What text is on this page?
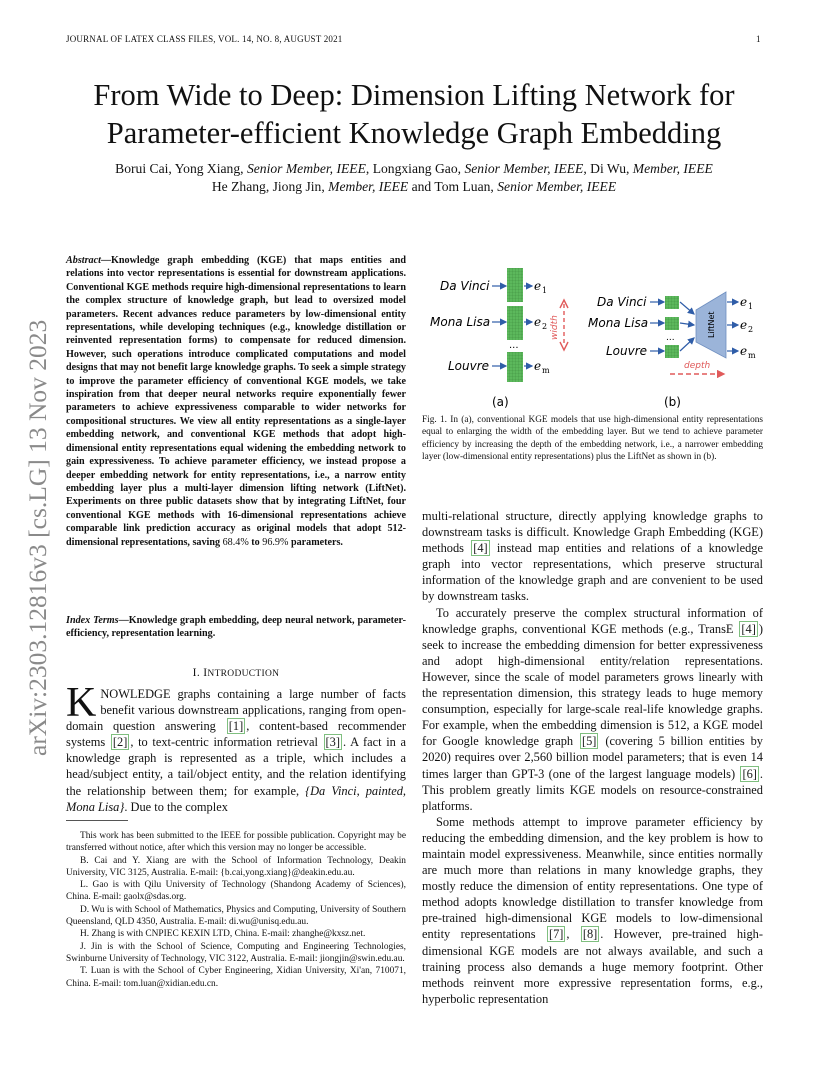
JOURNAL OF LATEX CLASS FILES, VOL. 14, NO. 8, AUGUST 2021	1
From Wide to Deep: Dimension Lifting Network for
Parameter-efficient Knowledge Graph Embedding
Borui Cai, Yong Xiang, Senior Member, IEEE, Longxiang Gao, Senior Member, IEEE, Di Wu, Member, IEEE
He Zhang, Jiong Jin, Member, IEEE and Tom Luan, Senior Member, IEEE
arXiv:2303.12816v3 [cs.LG] 13 Nov 2023
Abstract—Knowledge graph embedding (KGE) that maps entities and relations into vector representations is essential for downstream applications. Conventional KGE methods require high-dimensional representations to learn the complex structure of knowledge graph, but lead to oversized model parameters. Recent advances reduce parameters by low-dimensional entity representations, while developing techniques (e.g., knowledge distillation or reinvented representation forms) to compensate for reduced dimension. However, such operations introduce complicated computations and model designs that may not benefit large knowledge graphs. To seek a simple strategy to improve the parameter efficiency of conventional KGE models, we take inspiration from that deeper neural networks require exponentially fewer parameters to achieve expressiveness comparable to wider networks for compositional structures. We view all entity representations as a single-layer embedding network, and conventional KGE methods that adopt high-dimensional entity representations equal widening the embedding network to gain expressiveness. To achieve parameter efficiency, we instead propose a deeper embedding network for entity representations, i.e., a narrow entity embedding layer plus a multi-layer dimension lifting network (LiftNet). Experiments on three public datasets show that by integrating LiftNet, four conventional KGE methods with 16-dimensional representations achieve comparable link prediction accuracy as original models that adopt 512-dimensional representations, saving 68.4% to 96.9% parameters.
Index Terms—Knowledge graph embedding, deep neural network, parameter-efficiency, representation learning.
I. INTRODUCTION

KNOWLEDGE graphs containing a large number of facts benefit various downstream applications, ranging from open-domain question answering [1] , content-based recommender systems [2] , to text-centric information retrieval [3] . A fact in a knowledge graph is represented as a triple, which includes a head/subject entity, a tail/object entity, and the relation identifying the relationship between them; for example, {Da Vinci, painted, Mona Lisa}. Due to the complex

This work has been submitted to the IEEE for possible publication. Copyright may be transferred without notice, after which this version may no longer be accessible.

B. Cai and Y. Xiang are with the School of Information Technology, Deakin University, VIC 3125, Australia. E-mail: {b.cai,yong.xiang}@deakin.edu.au.

L. Gao is with Qilu University of Technology (Shandong Academy of Sciences), China. E-mail: gaolx@sdas.org.

D. Wu is with School of Mathematics, Physics and Computing, University of Southern Queensland, QLD 4350, Australia. E-mail: di.wu@unisq.edu.au.

H. Zhang is with CNPIEC KEXIN LTD, China. E-mail: zhanghe@kxsz.net.

J. Jin is with the School of Science, Computing and Engineering Technologies, Swinburne University of Technology, VIC 3122, Australia. E-mail: jiongjin@swin.edu.au.

T. Luan is with the School of Cyber Engineering, Xidian University, Xi'an, 710071, China. E-mail: tom.luan@xidian.edu.cn.

Da Vinci
Mona Lisa
Louvre
...
e 1
e 2
e m
width
(a)
Da Vinci
Mona Lisa
Louvre
...	LiftNet
e 1
e 2
e m
depth
(b)
Fig. 1. In (a), conventional KGE models that use high-dimensional entity representations equal to enlarging the width of the embedding layer. But we tend to achieve parameter efficiency by increasing the depth of the embedding network, i.e., a narrower embedding layer (low-dimensional entity representations) plus the LiftNet as shown in (b).

multi-relational structure, directly applying knowledge graphs to downstream tasks is difficult. Knowledge Graph Embedding (KGE) methods [4] instead map entities and relations of a knowledge graph into vector representations, which preserve structural information of the knowledge graph and are convenient to be used by downstream tasks.

To accurately preserve the complex structural information of knowledge graphs, conventional KGE methods (e.g., TransE [4] ) seek to increase the embedding dimension for better expressiveness and adopt high-dimensional entity/relation representations. However, since the scale of model parameters grows linearly with the representation dimension, this strategy leads to huge memory consumption, especially for large-scale real-life knowledge graphs. For example, when the embedding dimension is 512, a KGE model for Google knowledge graph [5] (covering 5 billion entities by 2020) requires over 2,560 billion model parameters; that is even 14 times larger than GPT-3 (one of the largest language models) [6] . This problem greatly limits KGE models on resource-constrained platforms.

Some methods attempt to improve parameter efficiency by reducing the embedding dimension, and the key problem is how to maintain model expressiveness. Meanwhile, since entities normally are much more than relations in many knowledge graphs, they mostly reduce the dimension of entity representations. One type of method adopts knowledge distillation to transfer knowledge from pre-trained high-dimensional KGE models to low-dimensional entity representations [7] , [8] . However, pre-trained high-dimensional KGE models are not always available, and such a training process also demands a huge memory footprint. Other methods reinvent more expressive representation forms, e.g., hyperbolic representation
